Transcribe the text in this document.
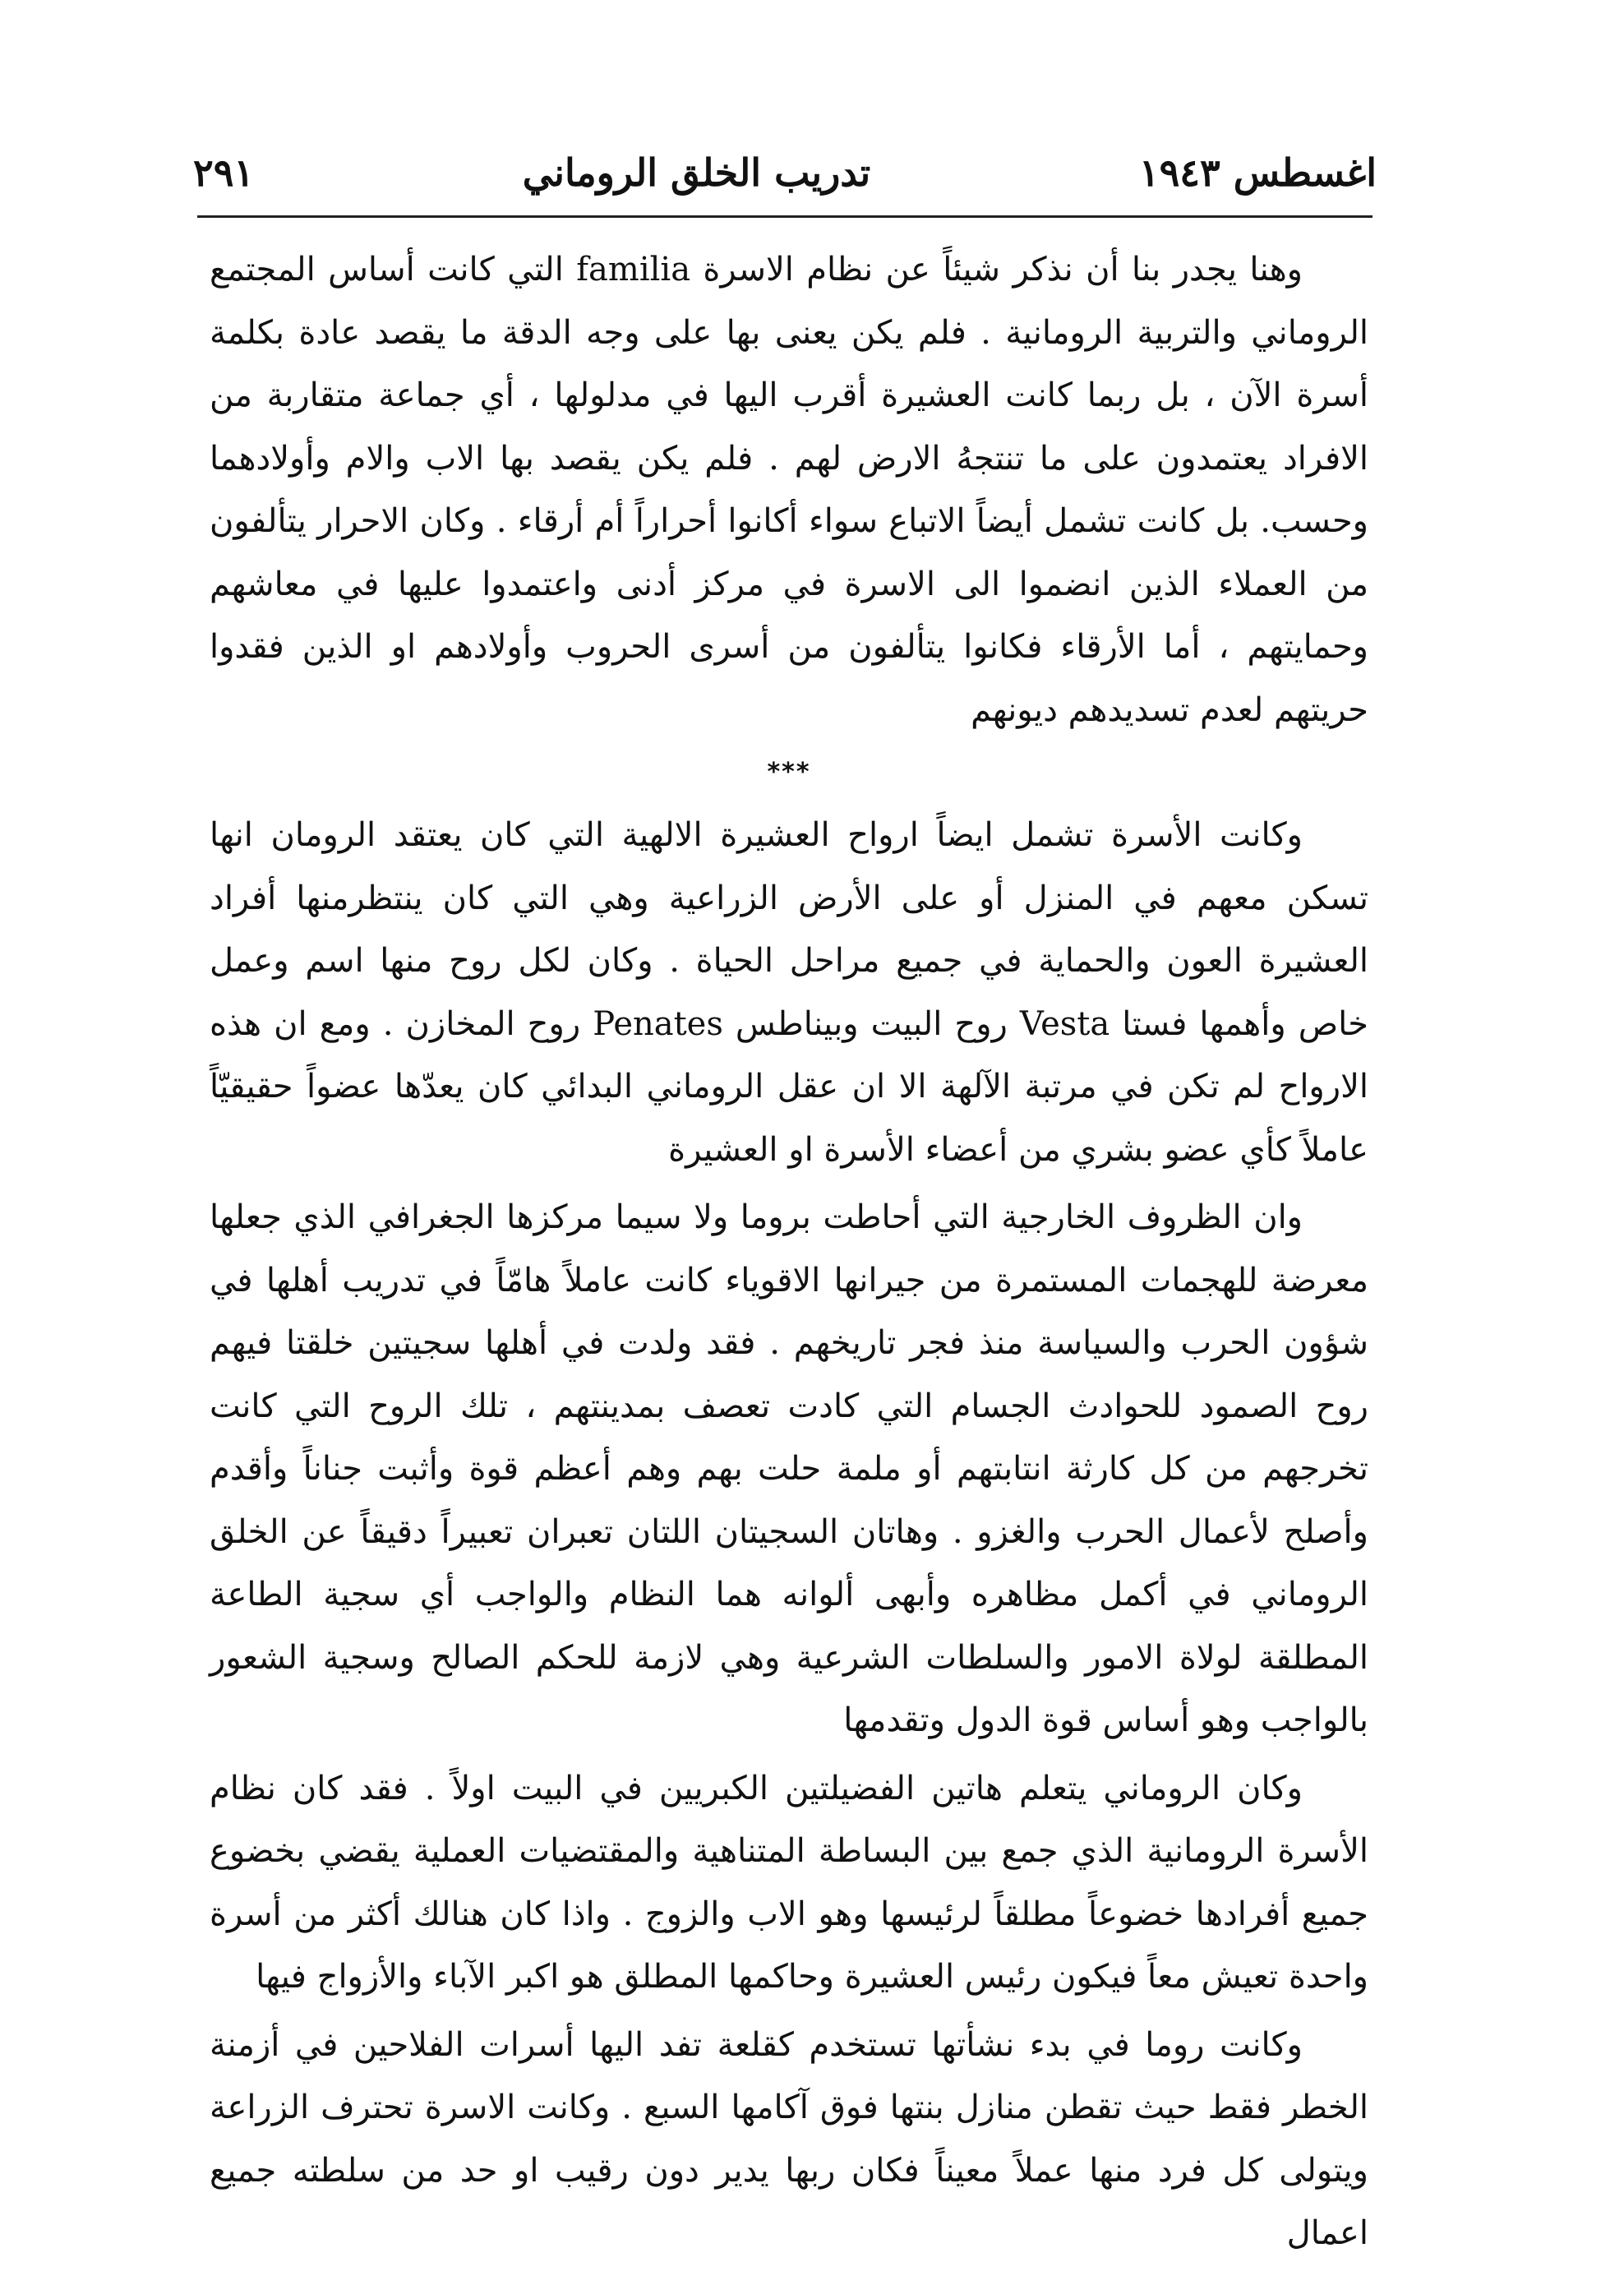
اغسطس ١٩٤٣
تدريب الخلق الروماني
٢٩١

وهنا يجدر بنا أن نذكر شيئاً عن نظام الاسرة familia التي كانت أساس المجتمع الروماني والتربية الرومانية . فلم يكن يعنى بها على وجه الدقة ما يقصد عادة بكلمة أسرة الآن ، بل ربما كانت العشيرة أقرب اليها في مدلولها ، أي جماعة متقاربة من الافراد يعتمدون على ما تنتجهُ الارض لهم . فلم يكن يقصد بها الاب والام وأولادهما وحسب. بل كانت تشمل أيضاً الاتباع سواء أكانوا أحراراً أم أرقاء . وكان الاحرار يتألفون من العملاء الذين انضموا الى الاسرة في مركز أدنى واعتمدوا عليها في معاشهم وحمايتهم ، أما الأرقاء فكانوا يتألفون من أسرى الحروب وأولادهم او الذين فقدوا حريتهم لعدم تسديدهم ديونهم

***

وكانت الأسرة تشمل ايضاً ارواح العشيرة الالهية التي كان يعتقد الرومان انها تسكن معهم في المنزل أو على الأرض الزراعية وهي التي كان ينتظرمنها أفراد العشيرة العون والحماية في جميع مراحل الحياة . وكان لكل روح منها اسم وعمل خاص وأهمها فستا Vesta روح البيت وبيناطس Penates روح المخازن . ومع ان هذه الارواح لم تكن في مرتبة الآلهة الا ان عقل الروماني البدائي كان يعدّها عضواً حقيقيّاً عاملاً كأي عضو بشري من أعضاء الأسرة او العشيرة

وان الظروف الخارجية التي أحاطت بروما ولا سيما مركزها الجغرافي الذي جعلها معرضة للهجمات المستمرة من جيرانها الاقوياء كانت عاملاً هامّاً في تدريب أهلها في شؤون الحرب والسياسة منذ فجر تاريخهم . فقد ولدت في أهلها سجيتين خلقتا فيهم روح الصمود للحوادث الجسام التي كادت تعصف بمدينتهم ، تلك الروح التي كانت تخرجهم من كل كارثة انتابتهم أو ملمة حلت بهم وهم أعظم قوة وأثبت جناناً وأقدم وأصلح لأعمال الحرب والغزو . وهاتان السجيتان اللتان تعبران تعبيراً دقيقاً عن الخلق الروماني في أكمل مظاهره وأبهى ألوانه هما النظام والواجب أي سجية الطاعة المطلقة لولاة الامور والسلطات الشرعية وهي لازمة للحكم الصالح وسجية الشعور بالواجب وهو أساس قوة الدول وتقدمها

وكان الروماني يتعلم هاتين الفضيلتين الكبريين في البيت اولاً . فقد كان نظام الأسرة الرومانية الذي جمع بين البساطة المتناهية والمقتضيات العملية يقضي بخضوع جميع أفرادها خضوعاً مطلقاً لرئيسها وهو الاب والزوج . واذا كان هنالك أكثر من أسرة واحدة تعيش معاً فيكون رئيس العشيرة وحاكمها المطلق هو اكبر الآباء والأزواج فيها

وكانت روما في بدء نشأتها تستخدم كقلعة تفد اليها أسرات الفلاحين في أزمنة الخطر فقط حيث تقطن منازل بنتها فوق آكامها السبع . وكانت الاسرة تحترف الزراعة ويتولى كل فرد منها عملاً معيناً فكان ربها يدير دون رقيب او حد من سلطته جميع اعمال
